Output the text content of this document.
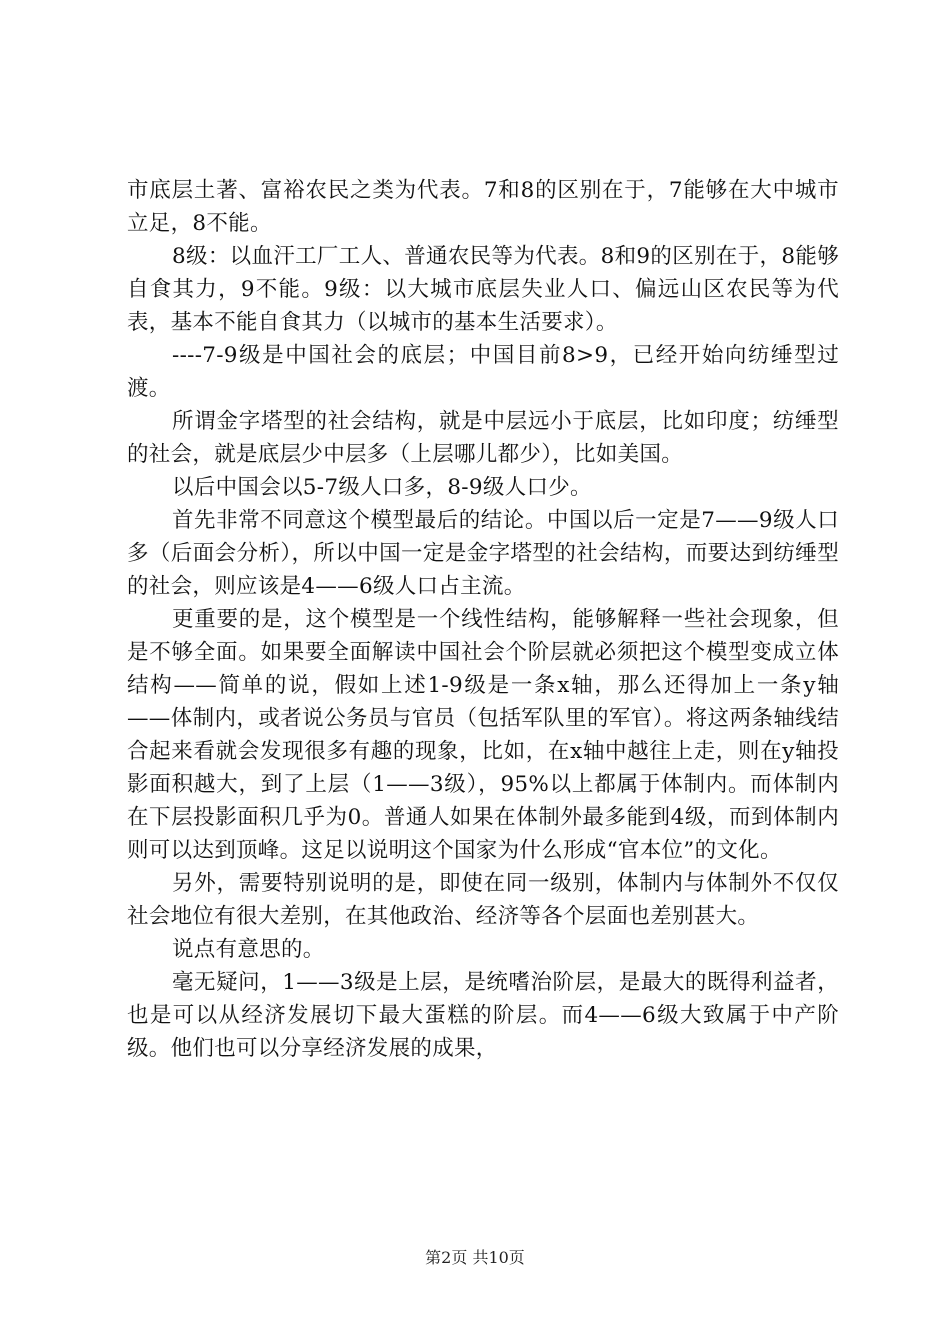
市底层土著、富裕农民之类为代表。7和8的区别在于，7能够在大中城市立足，8不能。

8级：以血汗工厂工人、普通农民等为代表。8和9的区别在于，8能够自食其力，9不能。9级：以大城市底层失业人口、偏远山区农民等为代表，基本不能自食其力（以城市的基本生活要求）。

----7-9级是中国社会的底层；中国目前8>9，已经开始向纺缍型过渡。

所谓金字塔型的社会结构，就是中层远小于底层，比如印度；纺缍型的社会，就是底层少中层多（上层哪儿都少），比如美国。

以后中国会以5-7级人口多，8-9级人口少。

首先非常不同意这个模型最后的结论。中国以后一定是7——9级人口多（后面会分析），所以中国一定是金字塔型的社会结构，而要达到纺缍型的社会，则应该是4——6级人口占主流。

更重要的是，这个模型是一个线性结构，能够解释一些社会现象，但是不够全面。如果要全面解读中国社会个阶层就必须把这个模型变成立体结构——简单的说，假如上述1-9级是一条x轴，那么还得加上一条y轴——体制内，或者说公务员与官员（包括军队里的军官）。将这两条轴线结合起来看就会发现很多有趣的现象，比如，在x轴中越往上走，则在y轴投影面积越大，到了上层（1——3级），95%以上都属于体制内。而体制内在下层投影面积几乎为0。普通人如果在体制外最多能到4级，而到体制内则可以达到顶峰。这足以说明这个国家为什么形成“官本位”的文化。

另外，需要特别说明的是，即使在同一级别，体制内与体制外不仅仅社会地位有很大差别，在其他政治、经济等各个层面也差别甚大。

说点有意思的。

毫无疑问，1——3级是上层，是统嗜治阶层，是最大的既得利益者，也是可以从经济发展切下最大蛋糕的阶层。而4——6级大致属于中产阶级。他们也可以分享经济发展的成果，

第2页 共10页
